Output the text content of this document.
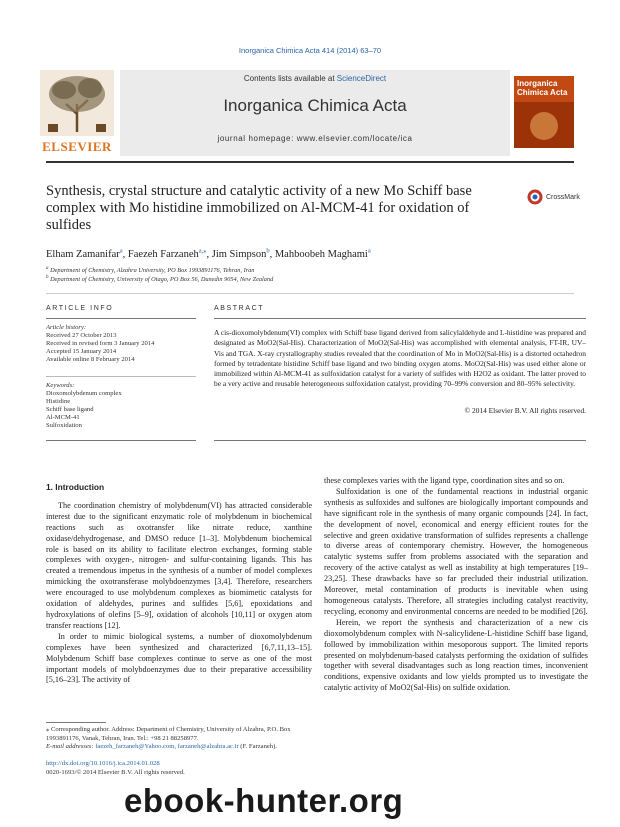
Inorganica Chimica Acta 414 (2014) 63–70
Contents lists available at ScienceDirect
Inorganica Chimica Acta
journal homepage: www.elsevier.com/locate/ica
ELSEVIER
Inorganica Chimica Acta
Synthesis, crystal structure and catalytic activity of a new Mo Schiff base complex with Mo histidine immobilized on Al-MCM-41 for oxidation of sulfides
CrossMark
Elham Zamanifar$^a$, Faezeh Farzaneh$^{a,⁎}$, Jim Simpson$^b$, Mahboobeh Maghami$^a$
$^a$ Department of Chemistry, Alzahra University, PO Box 1993891176, Tehran, Iran
$^b$ Department of Chemistry, University of Otago, PO Box 56, Dunedin 9054, New Zealand
ARTICLE INFO	ABSTRACT
Article history:
Received 27 October 2013
Received in revised form 3 January 2014
Accepted 15 January 2014
Available online 8 February 2014
Keywords:
Dioxomolybdenum complex
Histidine
Schiff base ligand
Al-MCM-41
Sulfoxidation
A cis-dioxomolybdenum(VI) complex with Schiff base ligand derived from salicylaldehyde and L-histidine was prepared and designated as MoO2(Sal-His). Characterization of MoO2(Sal-His) was accomplished with elemental analysis, FT-IR, UV–Vis and TGA. X-ray crystallography studies revealed that the coordination of Mo in MoO2(Sal-His) is a distorted octahedron formed by tetradentate histidine Schiff base ligand and two binding oxygen atoms. MoO2(Sal-His) was used either alone or immobilized within Al-MCM-41 as sulfoxidation catalyst for a variety of sulfides with H2O2 as oxidant. The latter proved to be a very active and reusable heterogeneous sulfoxidation catalyst, providing 70–99% conversion and 80–95% selectivity.
© 2014 Elsevier B.V. All rights reserved.
1. Introduction

The coordination chemistry of molybdenum(VI) has attracted considerable interest due to the significant enzymatic role of molybdenum in biochemical reactions such as oxotransfer like nitrate reduce, xanthine oxidase/dehydrogenase, and DMSO reduce [1–3]. Molybdenum biochemical role is based on its ability to facilitate electron exchanges, forming stable complexes with oxygen-, nitrogen- and sulfur-containing ligands. This has created a tremendous impetus in the synthesis of a number of model complexes mimicking the oxotransferase molybdoenzymes [3,4]. Therefore, researchers were encouraged to use molybdenum complexes as biomimetic catalysts for oxidation of aldehydes, purines and sulfides [5,6], epoxidations and hydroxylations of olefins [5–9], oxidation of alcohols [10,11] or oxygen atom transfer reactions [12].

In order to mimic biological systems, a number of dioxomolybdenum complexes have been synthesized and characterized [6,7,11,13–15]. Molybdenum Schiff base complexes continue to serve as one of the most important models of molybdoenzymes due to their preparative accessibility [5,16–23]. The activity of

these complexes varies with the ligand type, coordination sites and so on.

Sulfoxidation is one of the fundamental reactions in industrial organic synthesis as sulfoxides and sulfones are biologically important compounds and have significant role in the synthesis of many organic compounds [24]. In fact, the development of novel, economical and energy efficient routes for the selective and green oxidative transformation of sulfides represents a challenge to diverse areas of contemporary chemistry. However, the homogeneous catalytic systems suffer from problems associated with the separation and recovery of the active catalyst as well as instability at high temperatures [19–23,25]. These drawbacks have so far precluded their industrial utilization. Moreover, metal contamination of products is inevitable when using homogeneous catalysts. Therefore, all strategies including catalyst reactivity, recycling, economy and environmental concerns are needed to be modified [26].

Herein, we report the synthesis and characterization of a new cis dioxomolybdenum complex with N-salicylidene-L-histidine Schiff base ligand, followed by immobilization within mesoporous support. The limited reports presented on molybdenum-based catalysts performing the oxidation of sulfides together with several disadvantages such as long reaction times, inconvenient conditions, expensive oxidants and low yields prompted us to investigate the catalytic activity of MoO2(Sal-His) on sulfide oxidation.

⁎ Corresponding author. Address: Department of Chemistry, University of Alzahra, P.O. Box 1993891176, Vanak, Tehran, Iran. Tel.: +98 21 88258977.
E-mail addresses: faezeh_farzaneh@Yahoo.com, farzaneh@alzahra.ac.ir (F. Farzaneh).
http://dx.doi.org/10.1016/j.ica.2014.01.028
0020-1693/© 2014 Elsevier B.V. All rights reserved.
ebook-hunter.org
